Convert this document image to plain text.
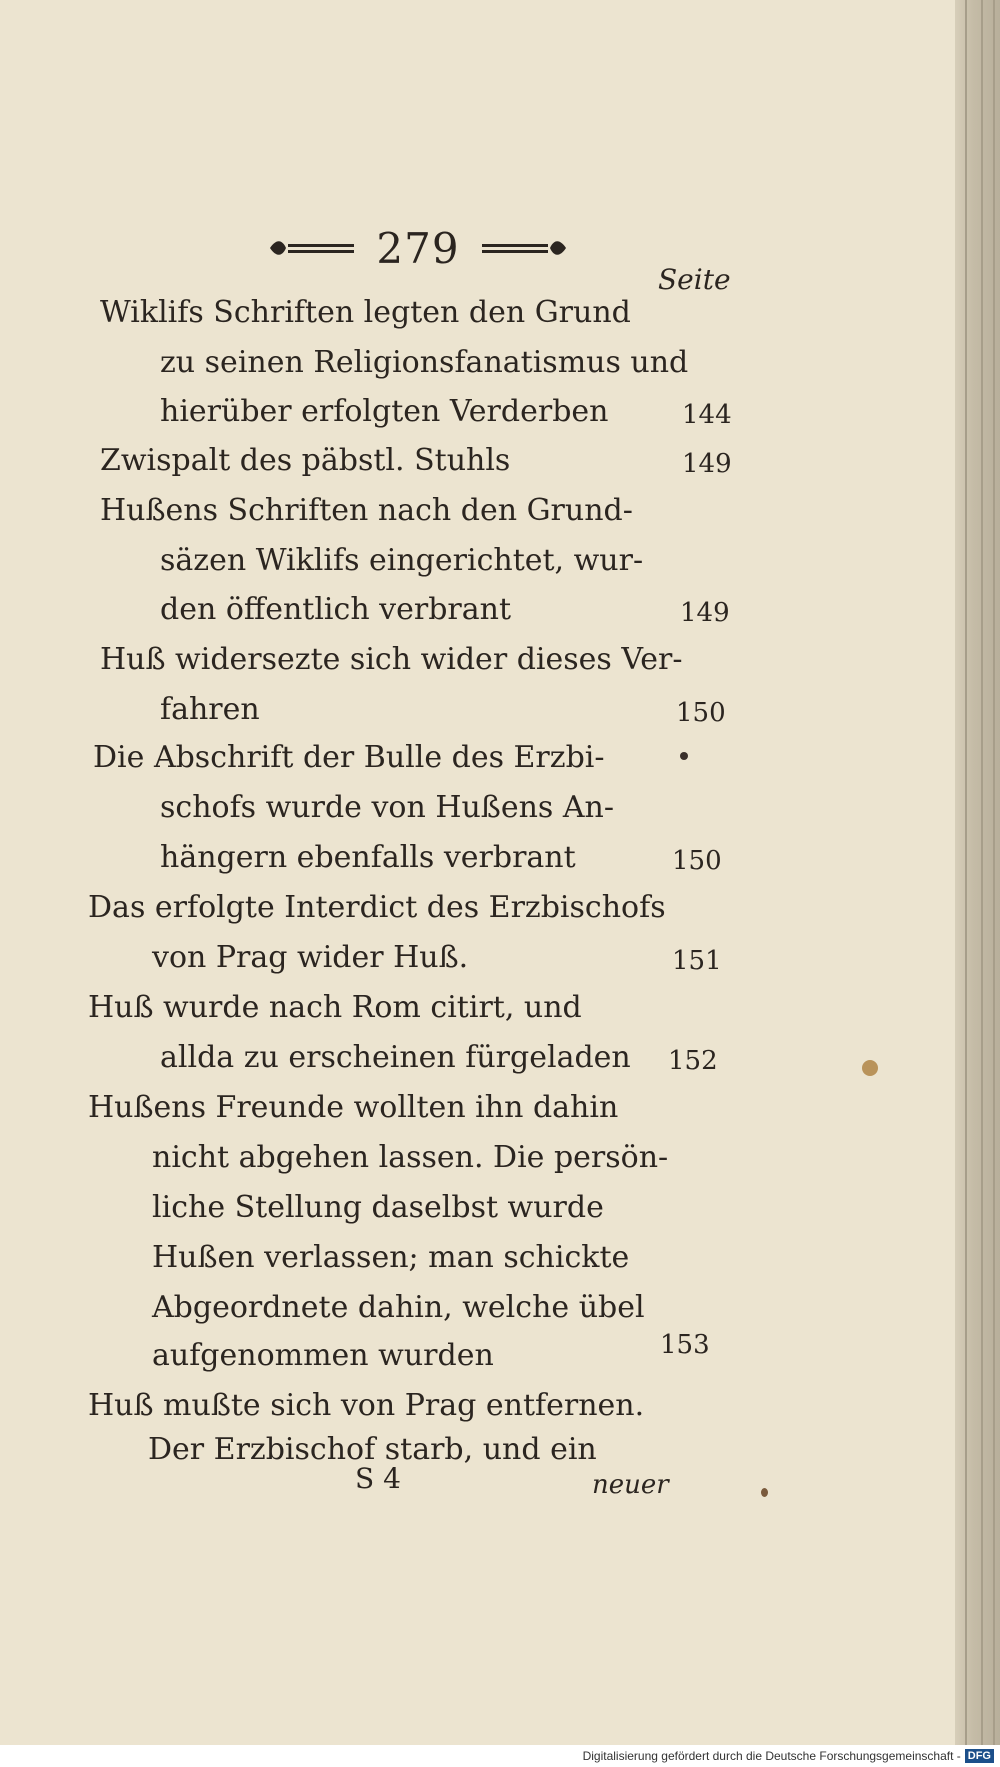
279
Seite
Wiklifs Schriften legten den Grund
zu seinen Religionsfanatismus und
hierüber erfolgten Verderben	144
Zwispalt des päbstl. Stuhls	149
Hußens Schriften nach den Grund-
säzen Wiklifs eingerichtet, wur-
den öffentlich verbrant	149
Huß widersezte sich wider dieses Ver-
fahren	150
Die Abschrift der Bulle des Erzbi-
schofs wurde von Hußens An-
hängern ebenfalls verbrant	150
Das erfolgte Interdict des Erzbischofs
von Prag wider Huß.	151
Huß wurde nach Rom citirt, und
allda zu erscheinen fürgeladen 152
Hußens Freunde wollten ihn dahin
nicht abgehen lassen. Die persön-
liche Stellung daselbst wurde
Hußen verlassen; man schickte
Abgeordnete dahin, welche übel
aufgenommen wurden	153
Huß mußte sich von Prag entfernen.
Der Erzbischof starb, und ein
S 4	neuer
Digitalisierung gefördert durch die Deutsche Forschungsgemeinschaft - DFG
